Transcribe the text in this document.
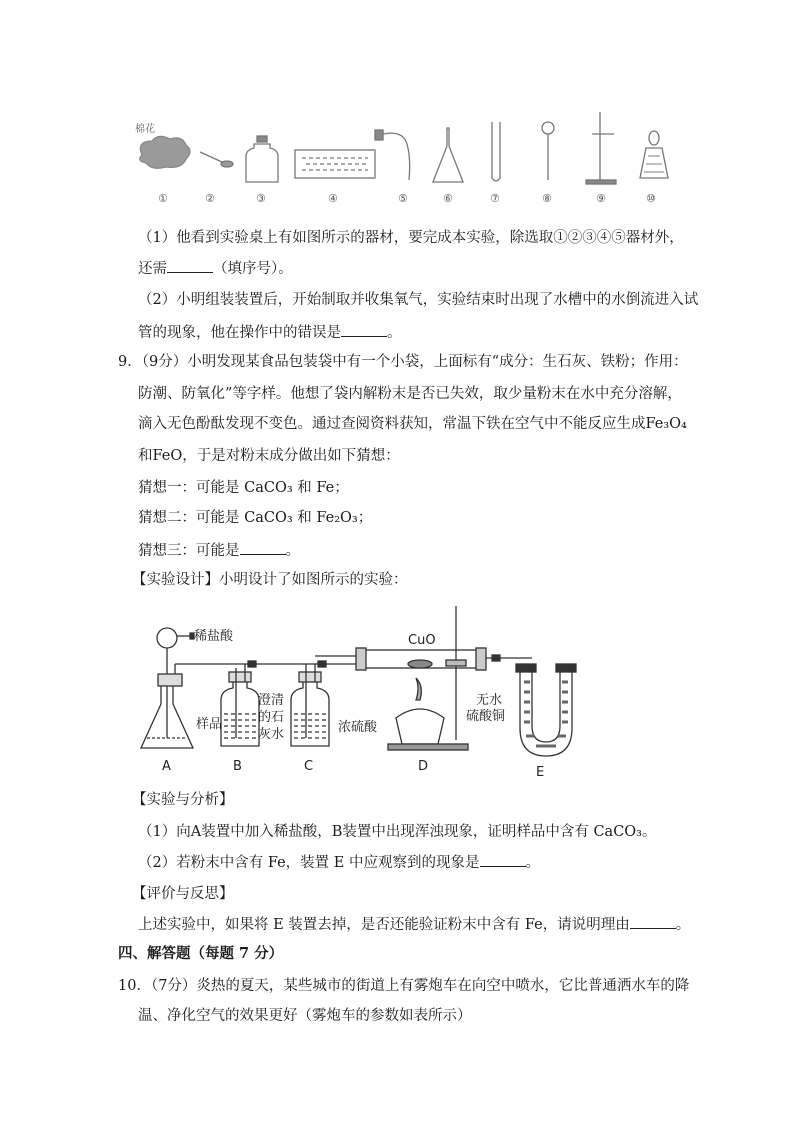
棉花
①	②	③	④	⑤	⑥	⑦	⑧	⑨	⑩
（1）他看到实验桌上有如图所示的器材，要完成本实验，除选取①②③④⑤器材外，
还需	（填序号）。
（2）小明组装装置后，开始制取并收集氧气，实验结束时出现了水槽中的水倒流进入试
管的现象，他在操作中的错误是	。
9．（9分）小明发现某食品包装袋中有一个小袋，上面标有“成分：生石灰、铁粉；作用：
防潮、防氧化”等字样。他想了袋内解粉末是否已失效，取少量粉末在水中充分溶解，
滴入无色酚酞发现不变色。通过查阅资料获知，常温下铁在空气中不能反应生成Fe₃O₄
和FeO，于是对粉末成分做出如下猜想：
猜想一：可能是 CaCO₃ 和 Fe；
猜想二：可能是 CaCO₃ 和 Fe₂O₃；
猜想三：可能是	。
【实验设计】小明设计了如图所示的实验：
稀盐酸
样品
澄清
的石
灰水	浓硫酸
CuO
无水
硫酸铜
A	B	C	D	E
【实验与分析】
（1）向A装置中加入稀盐酸，B装置中出现浑浊现象，证明样品中含有 CaCO₃。
（2）若粉末中含有 Fe，装置 E 中应观察到的现象是	。
【评价与反思】
上述实验中，如果将 E 装置去掉，是否还能验证粉末中含有 Fe，请说明理由	。
四、解答题（每题 7 分）
10．（7分）炎热的夏天，某些城市的街道上有雾炮车在向空中喷水，它比普通洒水车的降
温、净化空气的效果更好（雾炮车的参数如表所示）
